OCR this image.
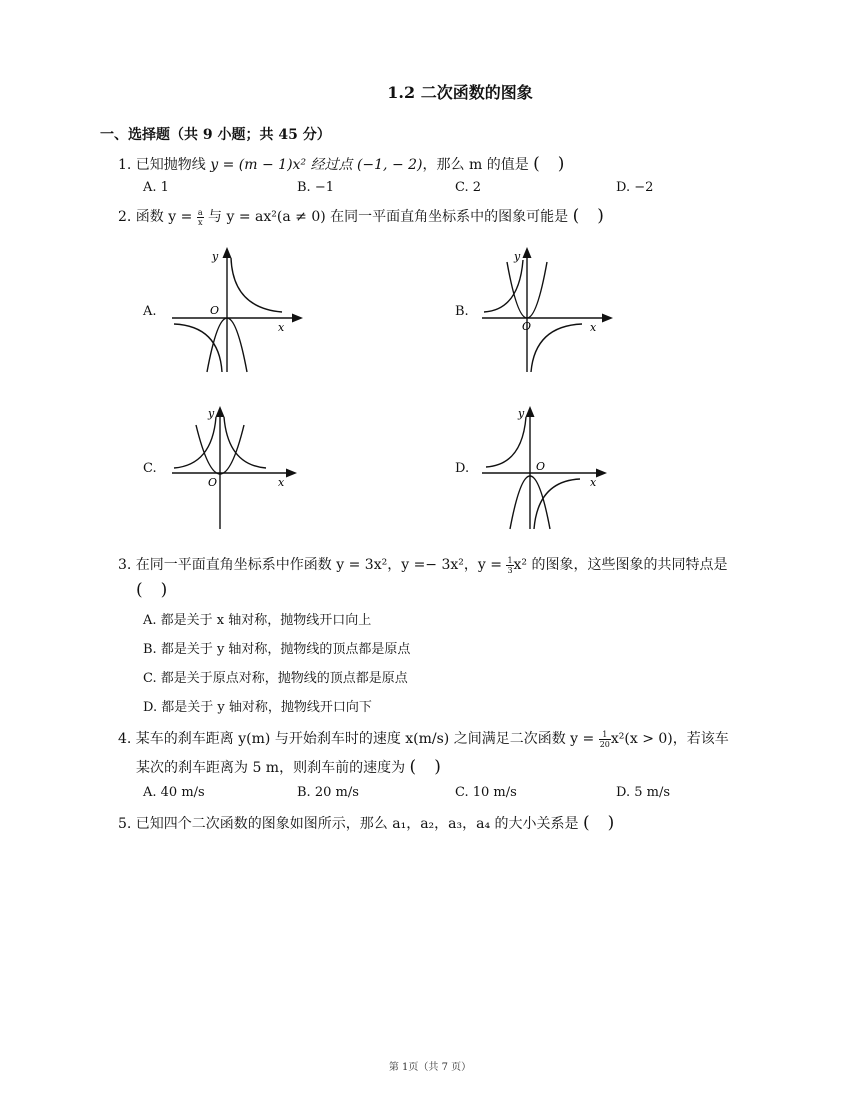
1.2 二次函数的图象
一、选择题（共 9 小题；共 45 分）
1. 已知抛物线 y = (m − 1)x² 经过点 (−1, − 2)，那么 m 的值是 ( )
A. 1	B. −1	C. 2	D. −2
2. 函数 $y = \frac{a}{x}$ 与 y = ax²(a ≠ 0) 在同一平面直角坐标系中的图象可能是 ( )
A.	B.
C.	D.
y
x
O
y
x
O
y
x
O
y
x
O
3. 在同一平面直角坐标系中作函数 y = 3x²，y =− 3x²，$y = \frac{1}{3} x^2$ 的图象，这些图象的共同特点是
( )
A. 都是关于 x 轴对称，抛物线开口向上
B. 都是关于 y 轴对称，抛物线的顶点都是原点
C. 都是关于原点对称，抛物线的顶点都是原点
D. 都是关于 y 轴对称，抛物线开口向下
4. 某车的刹车距离 y(m) 与开始刹车时的速度 x(m/s) 之间满足二次函数 $y = \frac{1}{20} x^2(x > 0)$，若该车
某次的刹车距离为 5 m，则刹车前的速度为 ( )
A. 40 m/s	B. 20 m/s	C. 10 m/s	D. 5 m/s
5. 已知四个二次函数的图象如图所示，那么 a₁，a₂，a₃，a₄ 的大小关系是 ( )
第 1页（共 7 页）
